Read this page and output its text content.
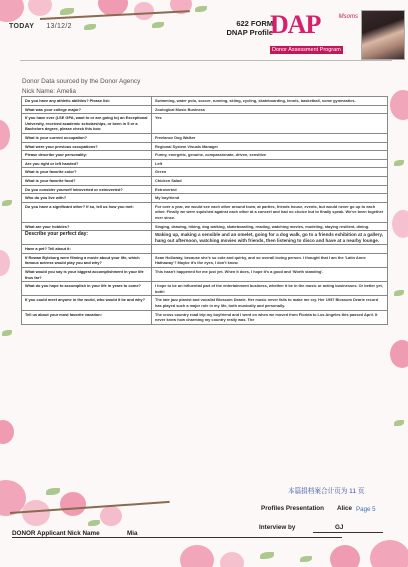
TODAY 13/12/2	622 FORM
DNAP Profile
DAP	Msoms
Donor Assessment Program
Donor Data sourced by the Donor Agency
Nick Name: Amelia
Do you have any athletic abilities? Please list:	Swimming, water polo, soccer, running, skiing, cycling, skateboarding, tennis, basketball, some gymnastics.
What was your college major?	Zoological Music Business
If you have ever (LSE GPA, want to or are going to) an Exceptional University, received academic scholarships, or been in 5 or a Bachelors degree, please check this box:	Yes
What is your current occupation?	Freelance Dog Walker
What were your previous occupations?	Regional System Visuals Manager
Please describe your personality:	Funny, energetic, genuine, compassionate, driven, sensitive
Are you right or left handed?	Left
What is your favorite color?	Green
What is your favorite food?	Chicken Salad
Do you consider yourself introverted or extroverted?	Extroverted
Who do you live with?	My boyfriend
Do you have a significant other? If so, tell us how you met:	For over a year, we would see each other around town, at parties, friends house, events, but would never go up to each other. Finally we were squished against each other at a concert and had no choice but to finally speak. We've been together ever since.
What are your hobbies?	Singing, drawing, hiking, dog walking, skateboarding, reading, watching movies, modeling, staying resilient, dining.
Describe your perfect day:	Waking up, making a sensible and an omelet, going for a dog walk, go to a friends exhibition at a gallery, hang out afternoon, watching movies with friends, then listening to disco and have at a nearby lounge.
Have a pet? Tell about it:	
If Rowan Byleburg were filming a movie about your life, which famous actress would play you and why?	Sean Holloway, because she's so cute and quirky, and so overall loving person. I thought that I am the 'Latin Anne Hathaway'? Maybe it's the eyes, I don't know.
What would you say is your biggest accomplishment in your life thus far?	This hasn't happened for me just yet. When it does, I hope it's a good and 'Worth standing'.
What do you hope to accomplish in your life in years to come?	I hope to be an influential part of the entertainment business, whether it be in the music or acting businesses. Or better yet, both!
If you could meet anyone in the world, who would it be and why?	The late jazz pianist and vocalist Blossom Dearie. Her music never fails to make me cry. Her 1957 Blossom Dearie record has played such a major role in my life, both musically and personally.
Tell us about your most favorite vacation:	The cross country road trip my boyfriend and I went on when we moved from Florida to Los Angeles this passed April. It never knew how charming my country really was. The
本篇捐档案合计页为 11 页
Profiles Presentation Alice Page 5
Interview by	GJ
DONOR Applicant Nick Name	Mia
